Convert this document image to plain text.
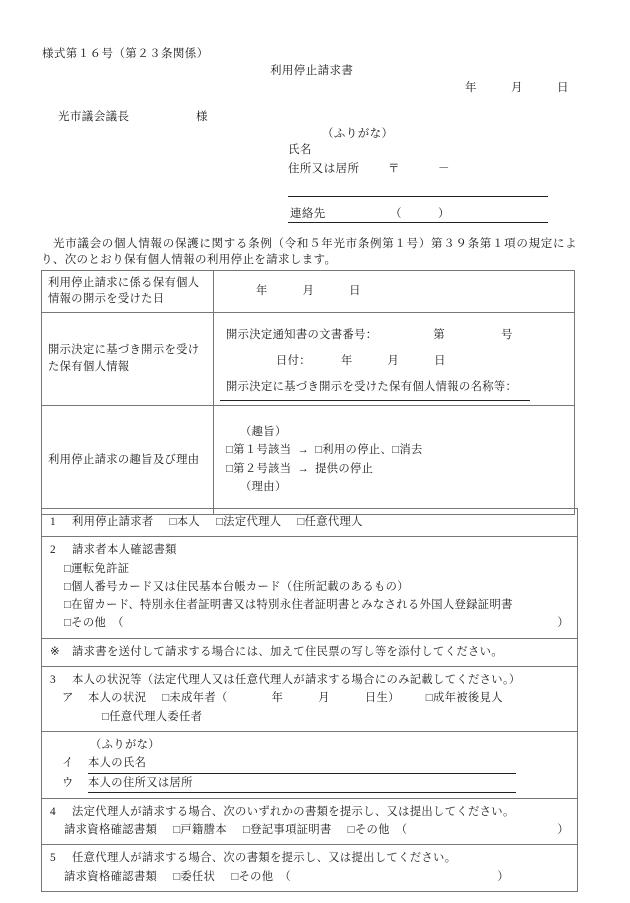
様式第１６号（第２３条関係）
利用停止請求書
年　　　月　　　日
光市議会議長	様
（ふりがな）
氏名
住所又は居所 〒	－
連絡先	（	）
光市議会の個人情報の保護に関する条例（令和５年光市条例第１号）第３９条第１項の規定により、次のとおり保有個人情報の利用停止を請求します。
利用停止請求に係る保有個人情報の開示を受けた日	年　　　月　　　日
開示決定に基づき開示を受けた保有個人情報	開示決定通知書の文書番号： 第 号
日付： 年　　　月　　　日
開示決定に基づき開示を受けた保有個人情報の名称等：

利用停止請求の趣旨及び理由	（趣旨）
□第１号該当 → □利用の停止、□消去
□第２号該当 → 提供の停止
（理由）
1 利用停止請求者 □本人 □法定代理人 □任意代理人

2 請求者本人確認書類
□運転免許証
□個人番号カード又は住民基本台帳カード（住所記載のあるもの）
□在留カード、特別永住者証明書又は特別永住者証明書とみなされる外国人登録証明書
□その他　（	）

※ 請求書を送付して請求する場合には、加えて住民票の写し等を添付してください。

3 本人の状況等（法定代理人又は任意代理人が請求する場合にのみ記載してください。）
ア 本人の状況 □未成年者（	年　　　月　　　日生） □成年被後見人
□任意代理人委任者

（ふりがな）
イ 本人の氏名
ウ 本人の住所又は居所

4 法定代理人が請求する場合、次のいずれかの書類を提示し、又は提出してください。
請求資格確認書類 □戸籍謄本 □登記事項証明書 □その他　（	）

5 任意代理人が請求する場合、次の書類を提示し、又は提出してください。
請求資格確認書類 □委任状 □その他　（	）
